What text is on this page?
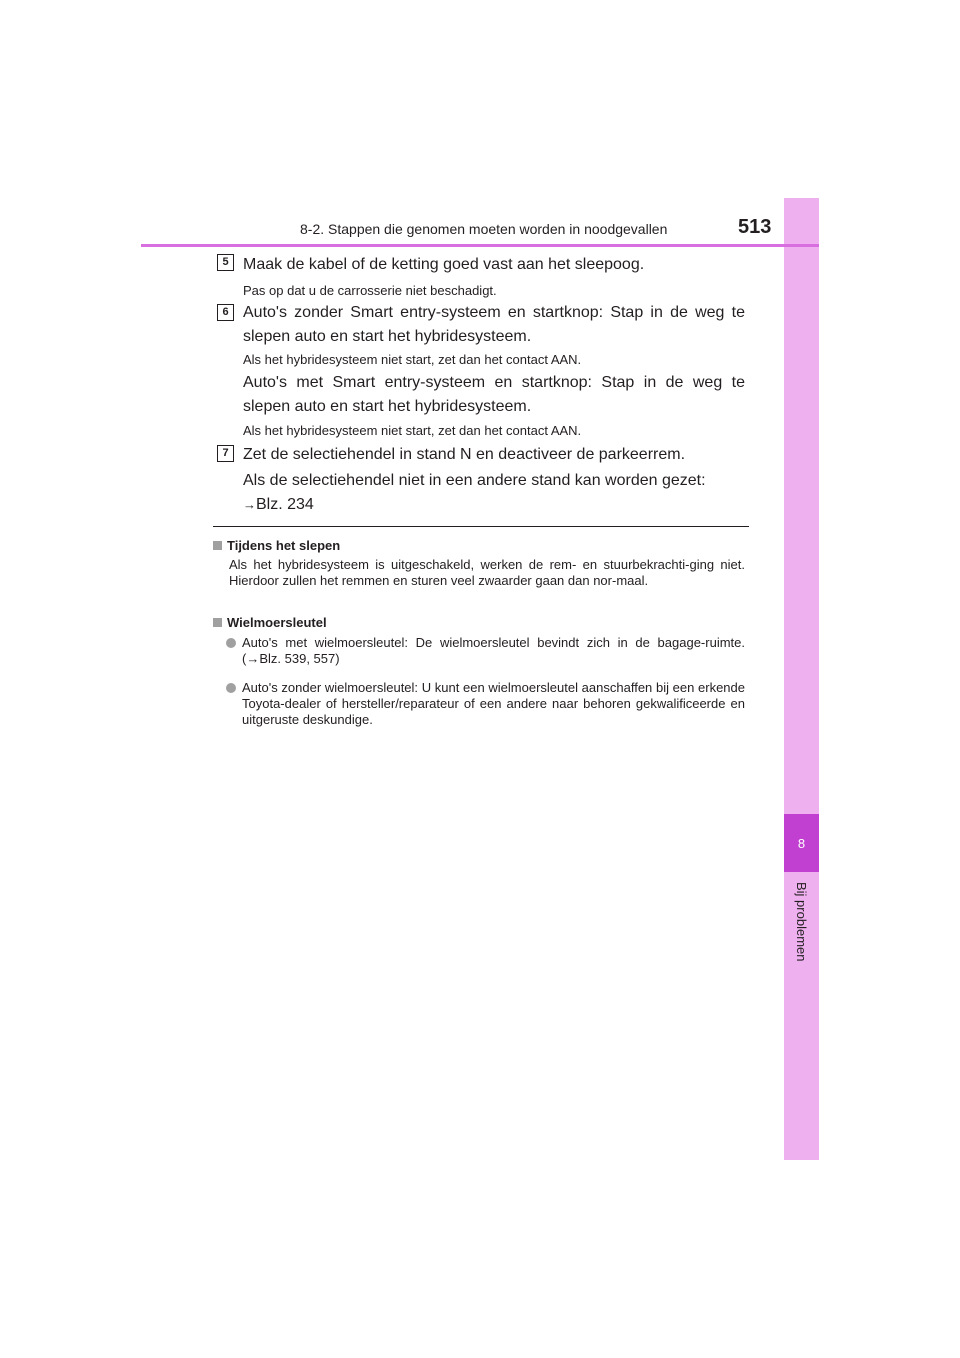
8
Bij problemen
8-2. Stappen die genomen moeten worden in noodgevallen	513
5 Maak de kabel of de ketting goed vast aan het sleepoog.
Pas op dat u de carrosserie niet beschadigt.
6 Auto's zonder Smart entry-systeem en startknop: Stap in de weg te slepen auto en start het hybridesysteem.
Als het hybridesysteem niet start, zet dan het contact AAN.
Auto's met Smart entry-systeem en startknop: Stap in de weg te slepen auto en start het hybridesysteem.
Als het hybridesysteem niet start, zet dan het contact AAN.
7 Zet de selectiehendel in stand N en deactiveer de parkeerrem.
Als de selectiehendel niet in een andere stand kan worden gezet:
→Blz. 234
Tijdens het slepen
Als het hybridesysteem is uitgeschakeld, werken de rem- en stuurbekrachti-ging niet. Hierdoor zullen het remmen en sturen veel zwaarder gaan dan nor-maal.
Wielmoersleutel
Auto's met wielmoersleutel: De wielmoersleutel bevindt zich in de bagage-ruimte. (→Blz. 539, 557)
Auto's zonder wielmoersleutel: U kunt een wielmoersleutel aanschaffen bij een erkende Toyota-dealer of hersteller/reparateur of een andere naar behoren gekwalificeerde en uitgeruste deskundige.
